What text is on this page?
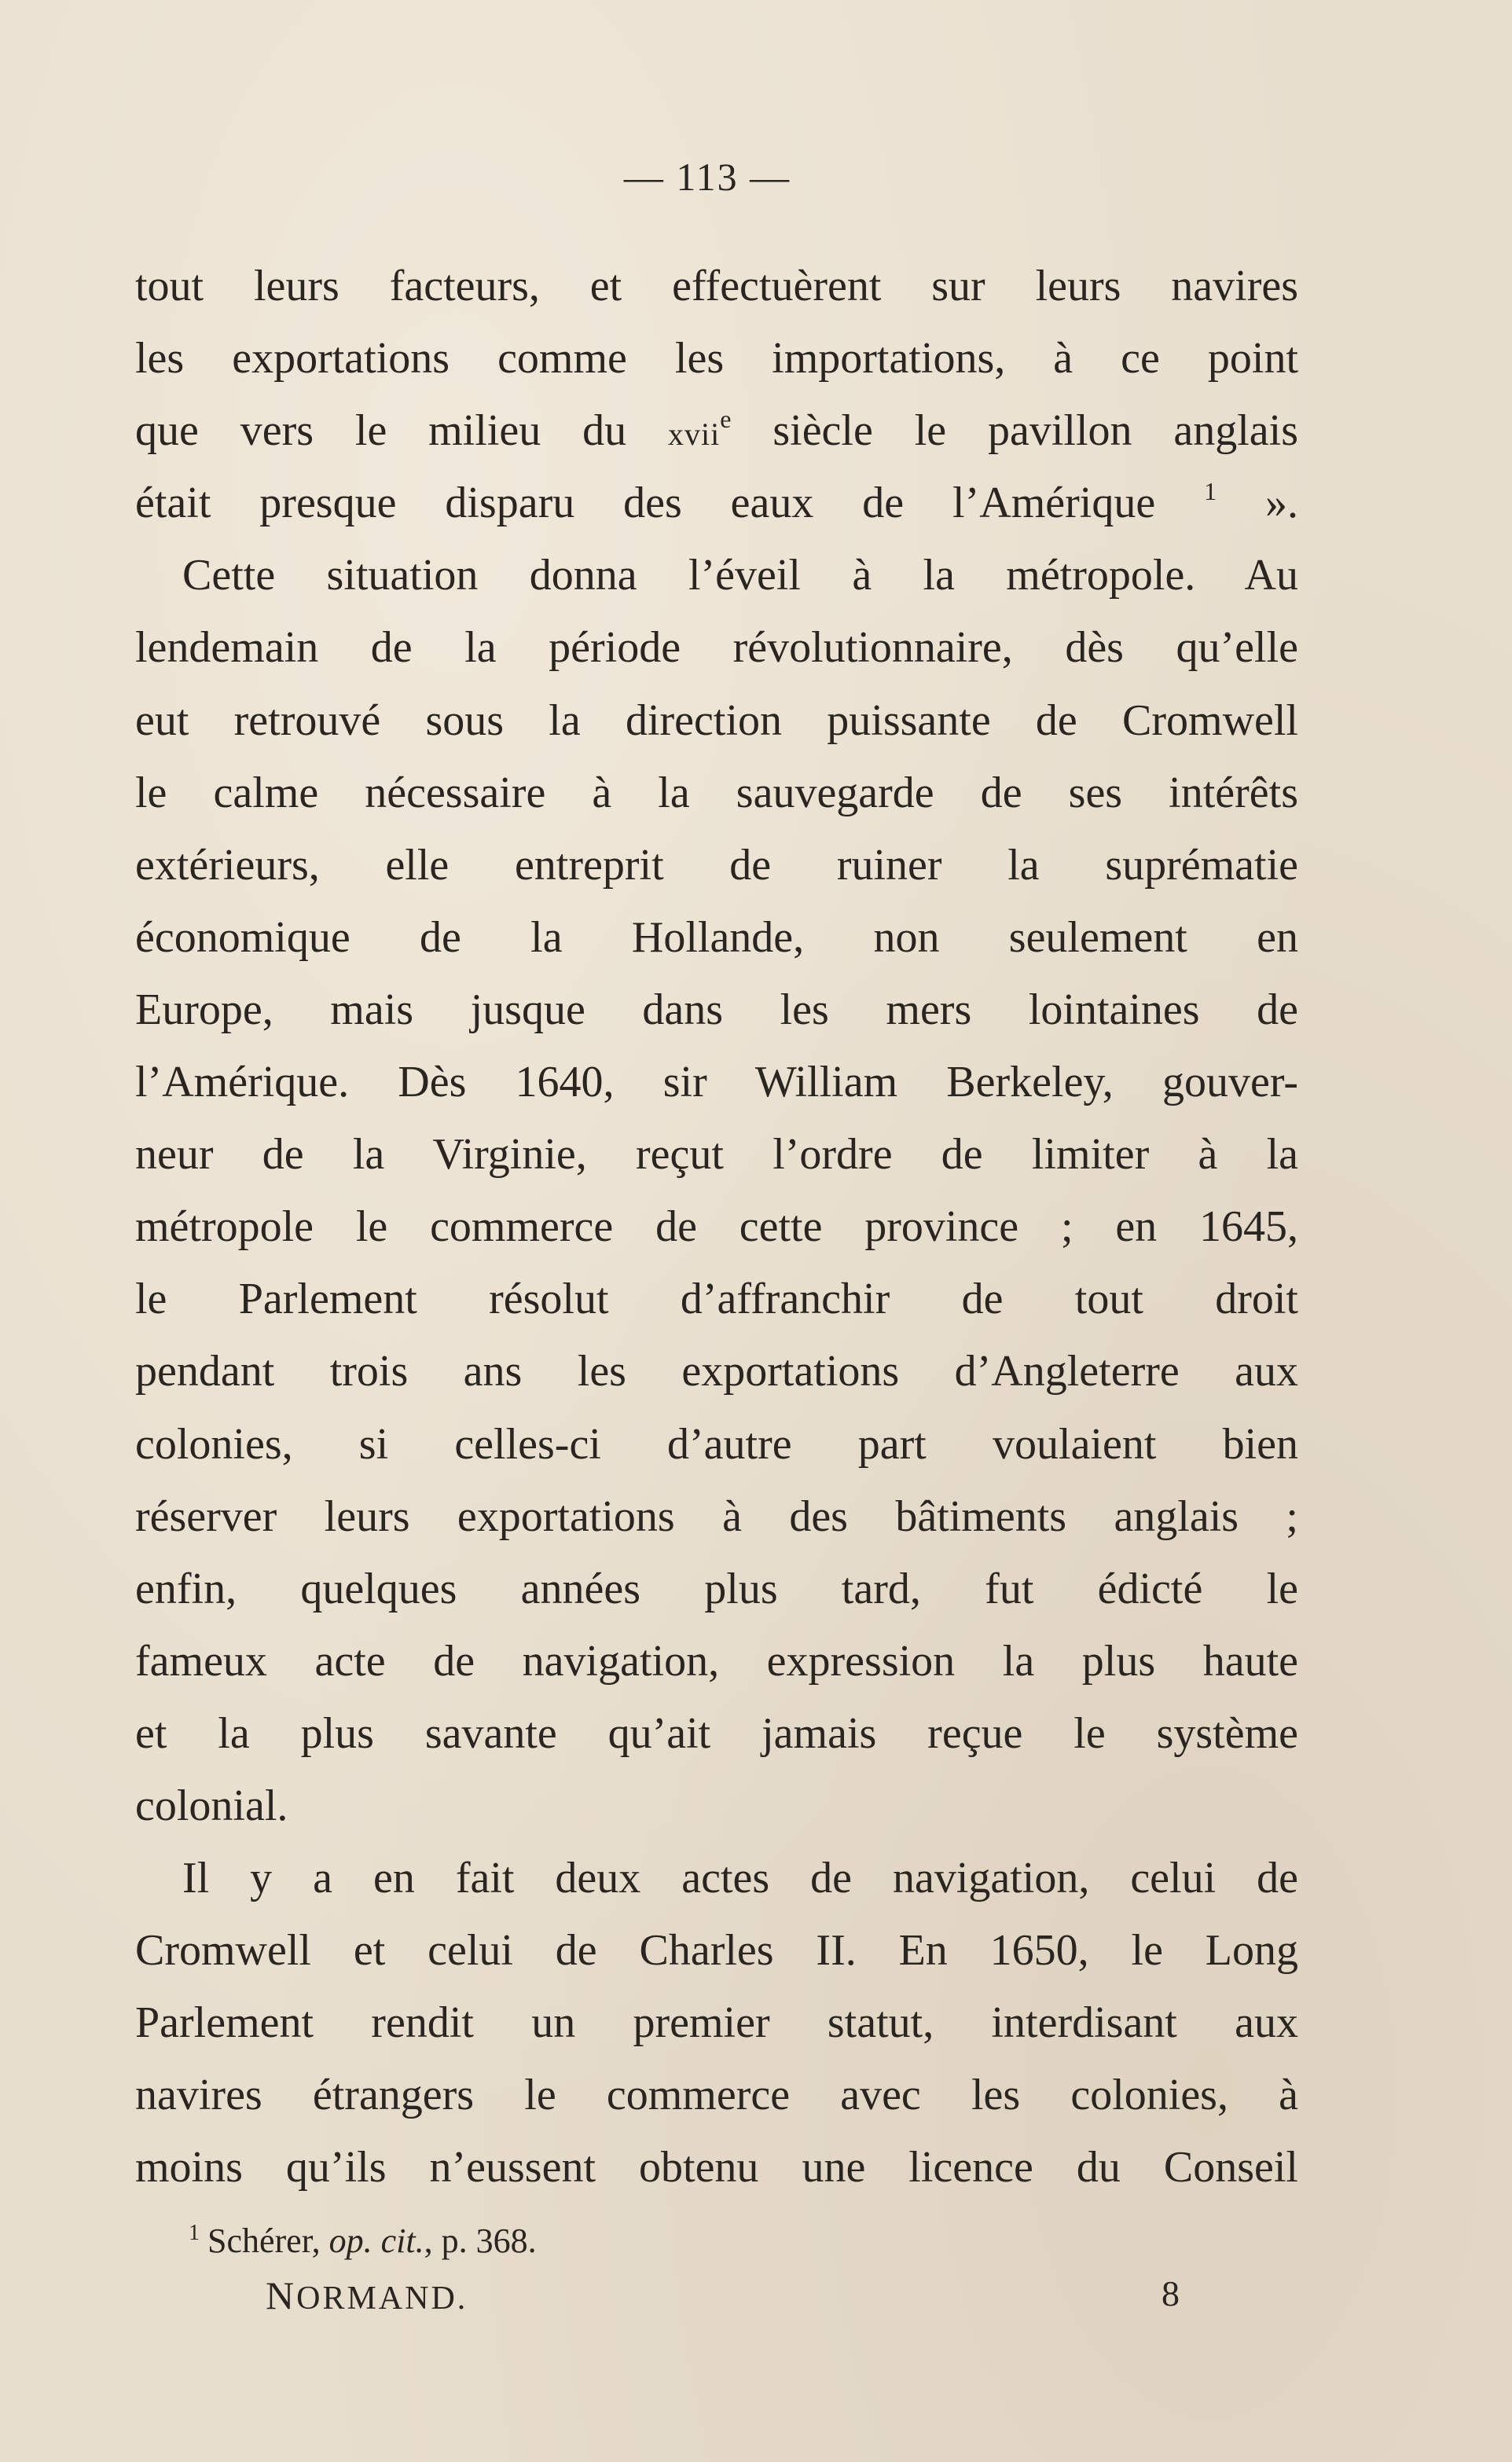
— 113 —
tout leurs facteurs, et effectuèrent sur leurs navires
les exportations comme les importations, à ce point
que vers le milieu du xvii$^e$ siècle le pavillon anglais
était presque disparu des eaux de l’Amérique $^1$ ».
Cette situation donna l’éveil à la métropole. Au
lendemain de la période révolutionnaire, dès qu’elle
eut retrouvé sous la direction puissante de Cromwell
le calme nécessaire à la sauvegarde de ses intérêts
extérieurs, elle entreprit de ruiner la suprématie
économique de la Hollande, non seulement en
Europe, mais jusque dans les mers lointaines de
l’Amérique. Dès 1640, sir William Berkeley, gouver-
neur de la Virginie, reçut l’ordre de limiter à la
métropole le commerce de cette province ; en 1645,
le Parlement résolut d’affranchir de tout droit
pendant trois ans les exportations d’Angleterre aux
colonies, si celles-ci d’autre part voulaient bien
réserver leurs exportations à des bâtiments anglais ;
enfin, quelques années plus tard, fut édicté le
fameux acte de navigation, expression la plus haute
et la plus savante qu’ait jamais reçue le système
colonial.
Il y a en fait deux actes de navigation, celui de
Cromwell et celui de Charles II. En 1650, le Long
Parlement rendit un premier statut, interdisant aux
navires étrangers le commerce avec les colonies, à
moins qu’ils n’eussent obtenu une licence du Conseil
$^1$ Schérer, op. cit., p. 368.
NORMAND.	8
